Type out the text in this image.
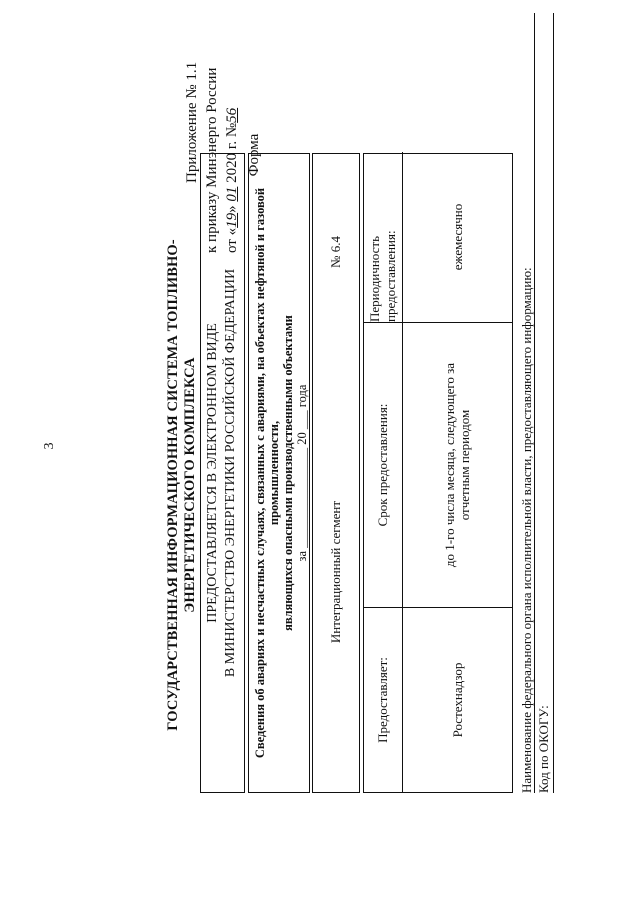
3
Приложение № 1.1 к приказу Минэнерго России от «19» 01 2020 г. №56
Форма
ГОСУДАРСТВЕННАЯ ИНФОРМАЦИОННАЯ СИСТЕМА ТОПЛИВНО-ЭНЕРГЕТИЧЕСКОГО КОМПЛЕКСА ПРЕДОСТАВЛЯЕТСЯ В ЭЛЕКТРОННОМ ВИДЕ В МИНИСТЕРСТВО ЭНЕРГЕТИКИ РОССИЙСКОЙ ФЕДЕРАЦИИ Сведения об авариях и несчастных случаях, связанных с авариями, на объектах нефтяной и газовой промышленности, являющихся опасными производственными объектами за ________________ 20 ___ года
Интеграционный сегмент
№ 6.4
Предоставляет:	Ростехнадзор
Срок предоставления:	до 1-го числа месяца, следующего за отчетным периодом
Периодичность предоставления:	ежемесячно
Наименование федерального органа исполнительной власти, предоставляющего информацию: Код по ОКОГУ:
